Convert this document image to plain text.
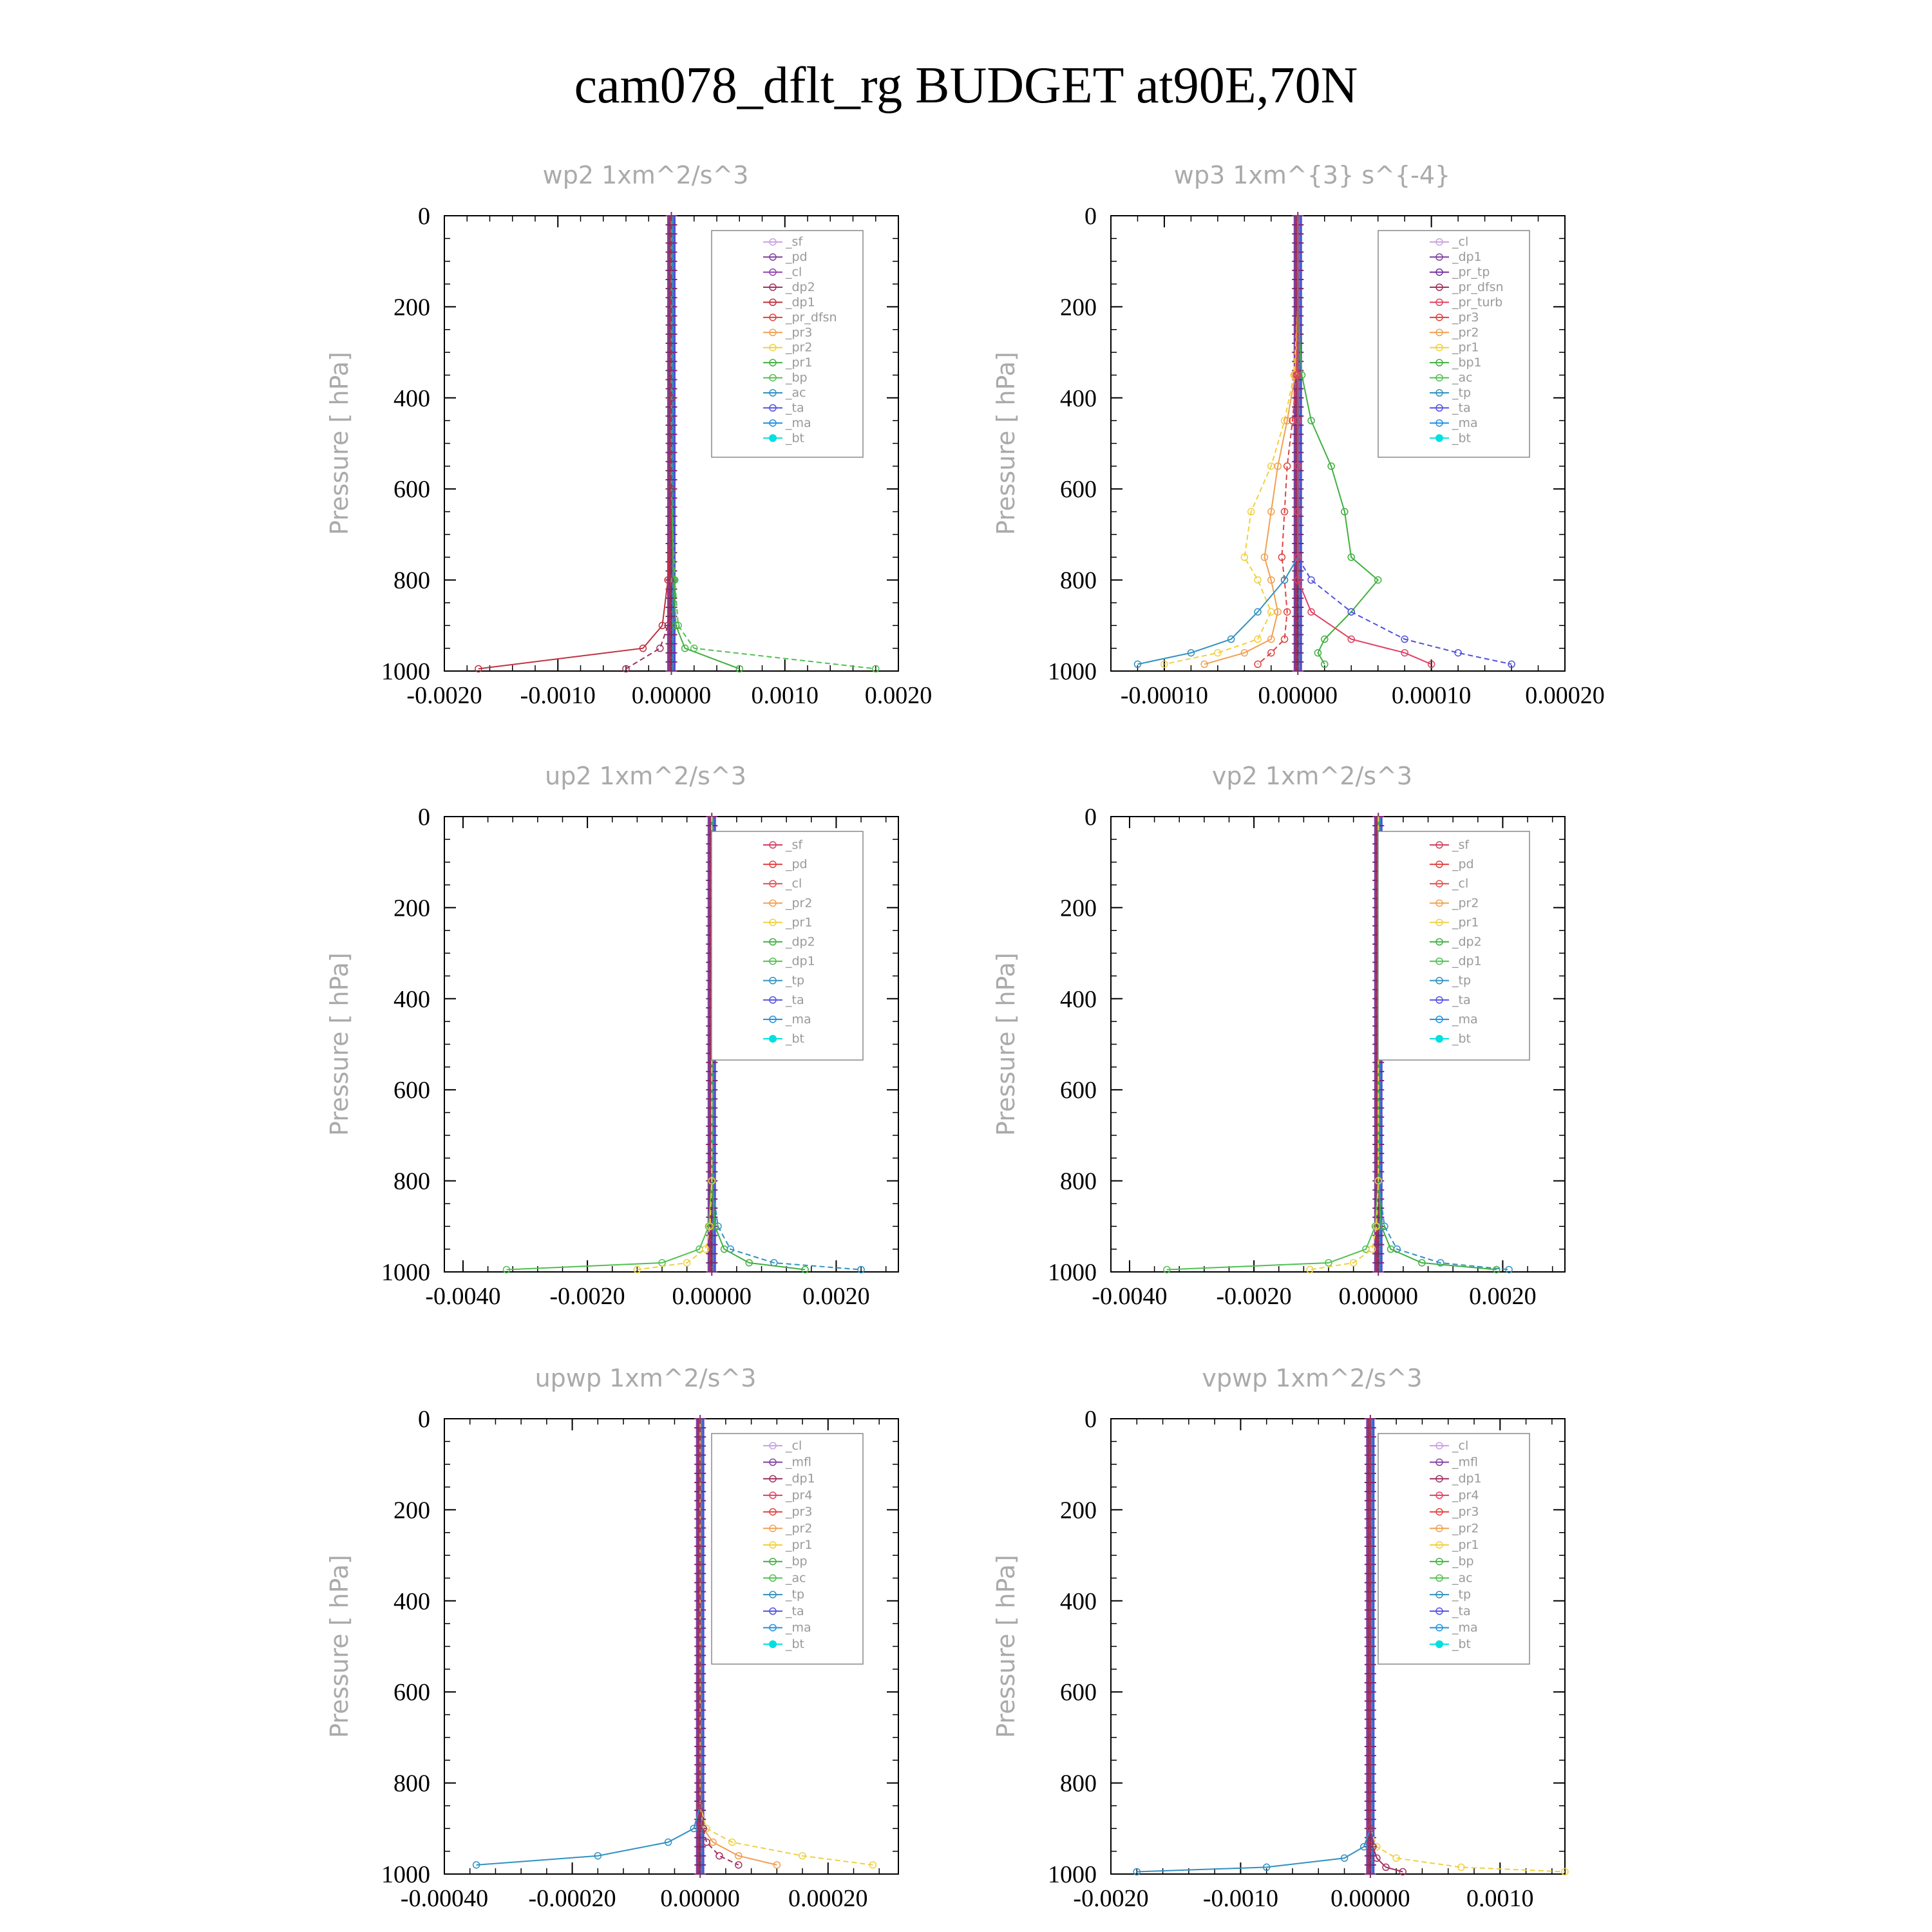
cam078_dflt_rg BUDGET at90E,70N
wp2 1xm^2/s^3
Pressure [ hPa]
0
200
400
600
800
1000
-0.0020 -0.0010 0.00000 0.0010 0.0020
_sf
_pd
_cl
_dp2
_dp1
_pr_dfsn
_pr3
_pr2
_pr1
_bp
_ac
_ta
_ma
_bt
wp3 1xm^{3} s^{-4}
Pressure [ hPa]
0
200
400
600
800
1000
-0.00010 0.00000 0.00010 0.00020
_cl
_dp1
_pr_tp
_pr_dfsn
_pr_turb
_pr3
_pr2
_pr1
_bp1
_ac
_tp
_ta
_ma
_bt
up2 1xm^2/s^3
Pressure [ hPa]
0
200
400
600
800
1000
-0.0040 -0.0020 0.00000 0.0020
_sf
_pd
_cl
_pr2
_pr1
_dp2
_dp1
_tp
_ta
_ma
_bt
vp2 1xm^2/s^3
Pressure [ hPa]
0
200
400
600
800
1000
-0.0040 -0.0020 0.00000 0.0020
_sf
_pd
_cl
_pr2
_pr1
_dp2
_dp1
_tp
_ta
_ma
_bt
upwp 1xm^2/s^3
Pressure [ hPa]
0
200
400
600
800
1000
-0.00040 -0.00020 0.00000 0.00020
_cl
_mfl
_dp1
_pr4
_pr3
_pr2
_pr1
_bp
_ac
_tp
_ta
_ma
_bt
vpwp 1xm^2/s^3
Pressure [ hPa]
0
200
400
600
800
1000
-0.0020 -0.0010 0.00000 0.0010
_cl
_mfl
_dp1
_pr4
_pr3
_pr2
_pr1
_bp
_ac
_tp
_ta
_ma
_bt
